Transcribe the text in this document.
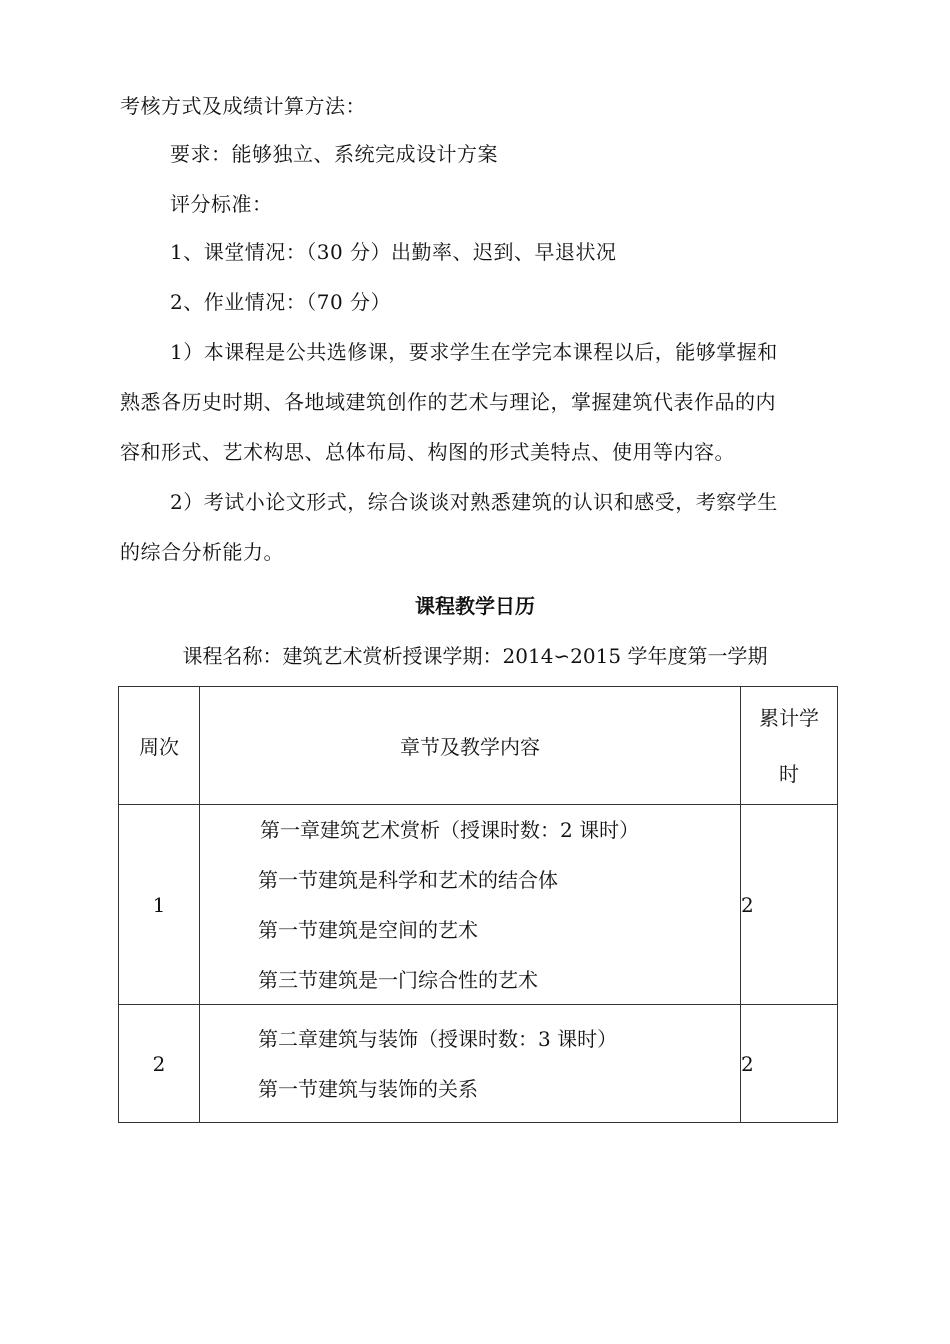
考核方式及成绩计算方法：
要求：能够独立、系统完成设计方案
评分标准：
1、课堂情况：（30 分）出勤率、迟到、早退状况
2、作业情况：（70 分）
1）本课程是公共选修课，要求学生在学完本课程以后，能够掌握和
熟悉各历史时期、各地域建筑创作的艺术与理论，掌握建筑代表作品的内
容和形式、艺术构思、总体布局、构图的形式美特点、使用等内容。
2）考试小论文形式，综合谈谈对熟悉建筑的认识和感受，考察学生
的综合分析能力。
课程教学日历
课程名称：建筑艺术赏析授课学期：2014∽2015 学年度第一学期
周次	章节及教学内容	累计学
时

1	第一章建筑艺术赏析（授课时数：2 课时）
第一节建筑是科学和艺术的结合体
第一节建筑是空间的艺术
第三节建筑是一门综合性的艺术	2
2	第二章建筑与装饰（授课时数：3 课时）
第一节建筑与装饰的关系	2
